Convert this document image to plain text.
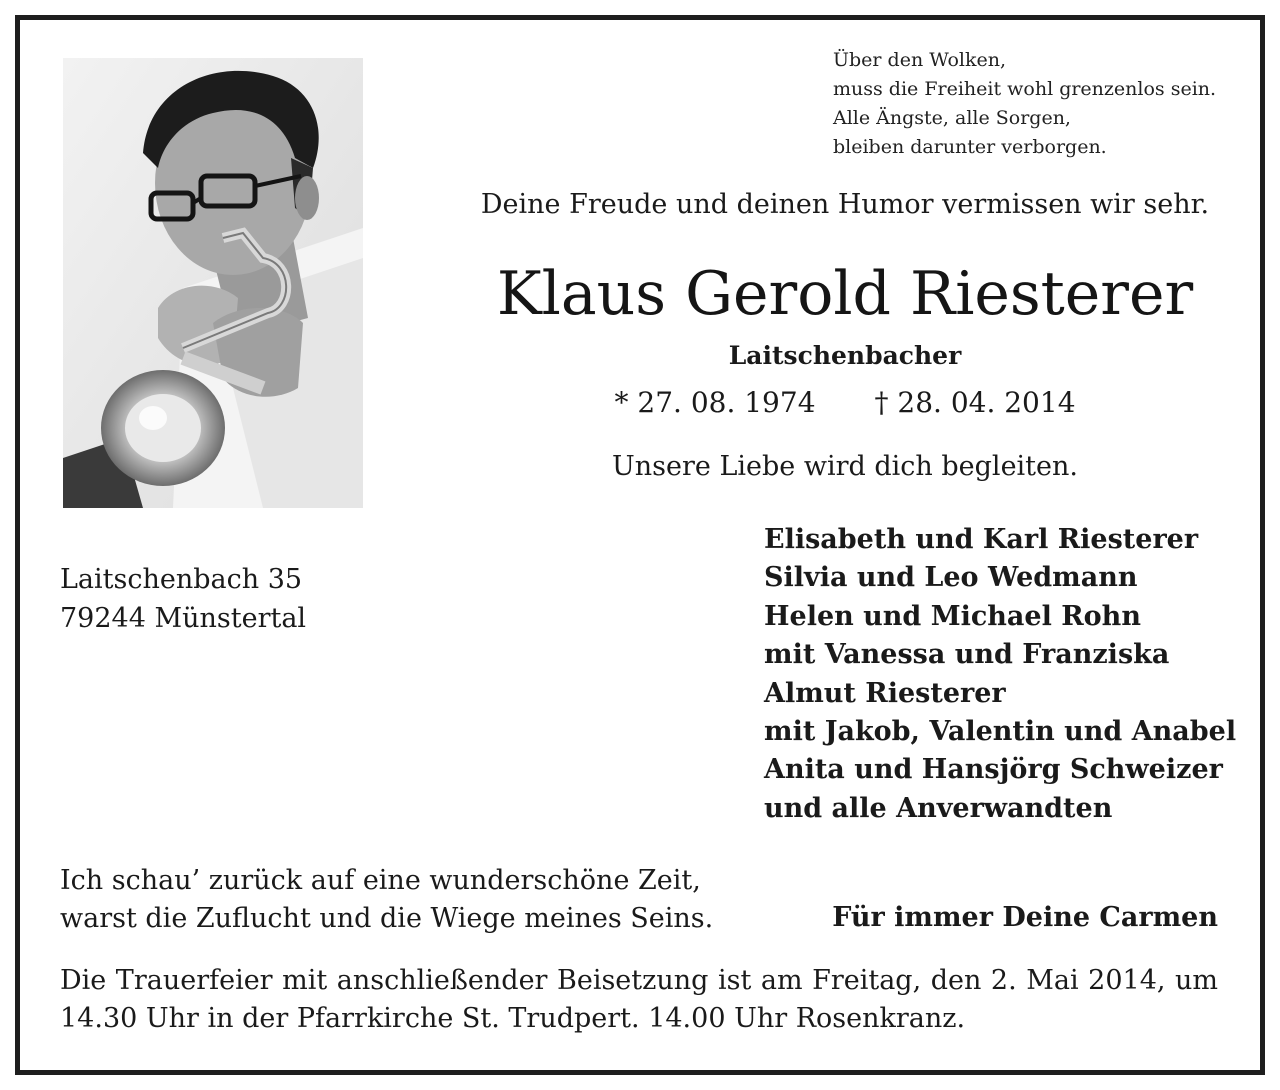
Über den Wolken,
muss die Freiheit wohl grenzenlos sein.
Alle Ängste, alle Sorgen,
bleiben darunter verborgen.
Deine Freude und deinen Humor vermissen wir sehr.
Klaus Gerold Riesterer
Laitschenbacher
* 27. 08. 1974	† 28. 04. 2014
Unsere Liebe wird dich begleiten.
Laitschenbach 35
79244 Münstertal
Elisabeth und Karl Riesterer
Silvia und Leo Wedmann
Helen und Michael Rohn
mit Vanessa und Franziska
Almut Riesterer
mit Jakob, Valentin und Anabel
Anita und Hansjörg Schweizer
und alle Anverwandten
Ich schau’ zurück auf eine wunderschöne Zeit,
warst die Zuflucht und die Wiege meines Seins.	Für immer Deine Carmen
Die Trauerfeier mit anschließender Beisetzung ist am Freitag, den 2. Mai 2014, um 14.30 Uhr in der Pfarrkirche St. Trudpert. 14.00 Uhr Rosenkranz.
